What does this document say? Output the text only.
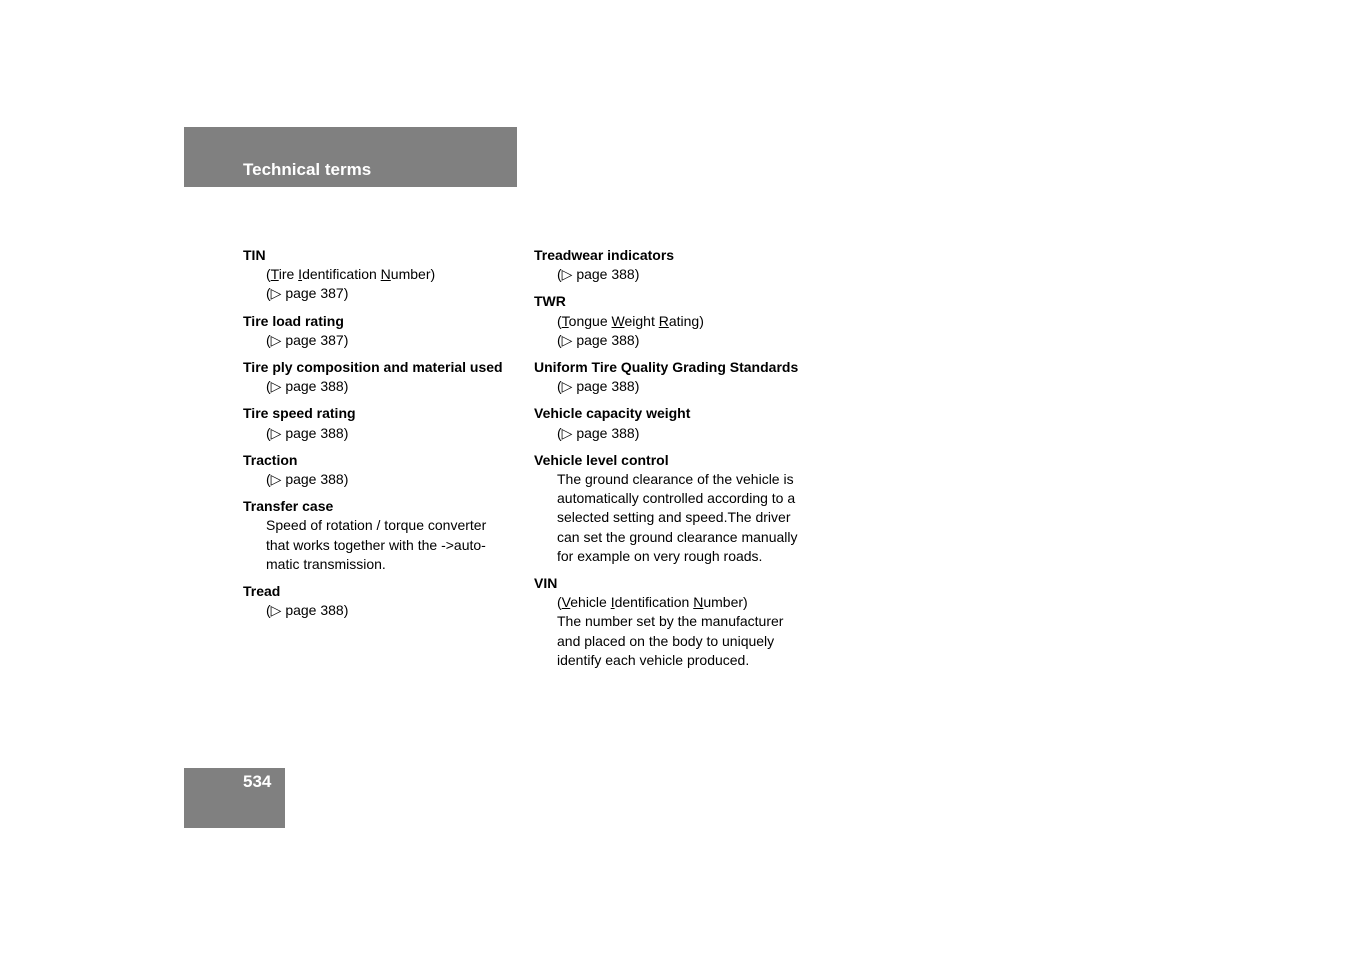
Technical terms
TIN
(Tire Identification Number)
(▷ page 387)
Tire load rating
(▷ page 387)
Tire ply composition and material used
(▷ page 388)
Tire speed rating
(▷ page 388)
Traction
(▷ page 388)
Transfer case
Speed of rotation / torque converter
that works together with the ->auto-
matic transmission.
Tread
(▷ page 388)
Treadwear indicators
(▷ page 388)
TWR
(Tongue Weight Rating)
(▷ page 388)
Uniform Tire Quality Grading Standards
(▷ page 388)
Vehicle capacity weight
(▷ page 388)
Vehicle level control
The ground clearance of the vehicle is
automatically controlled according to a
selected setting and speed.The driver
can set the ground clearance manually
for example on very rough roads.
VIN
(Vehicle Identification Number)
The number set by the manufacturer
and placed on the body to uniquely
identify each vehicle produced.
534
